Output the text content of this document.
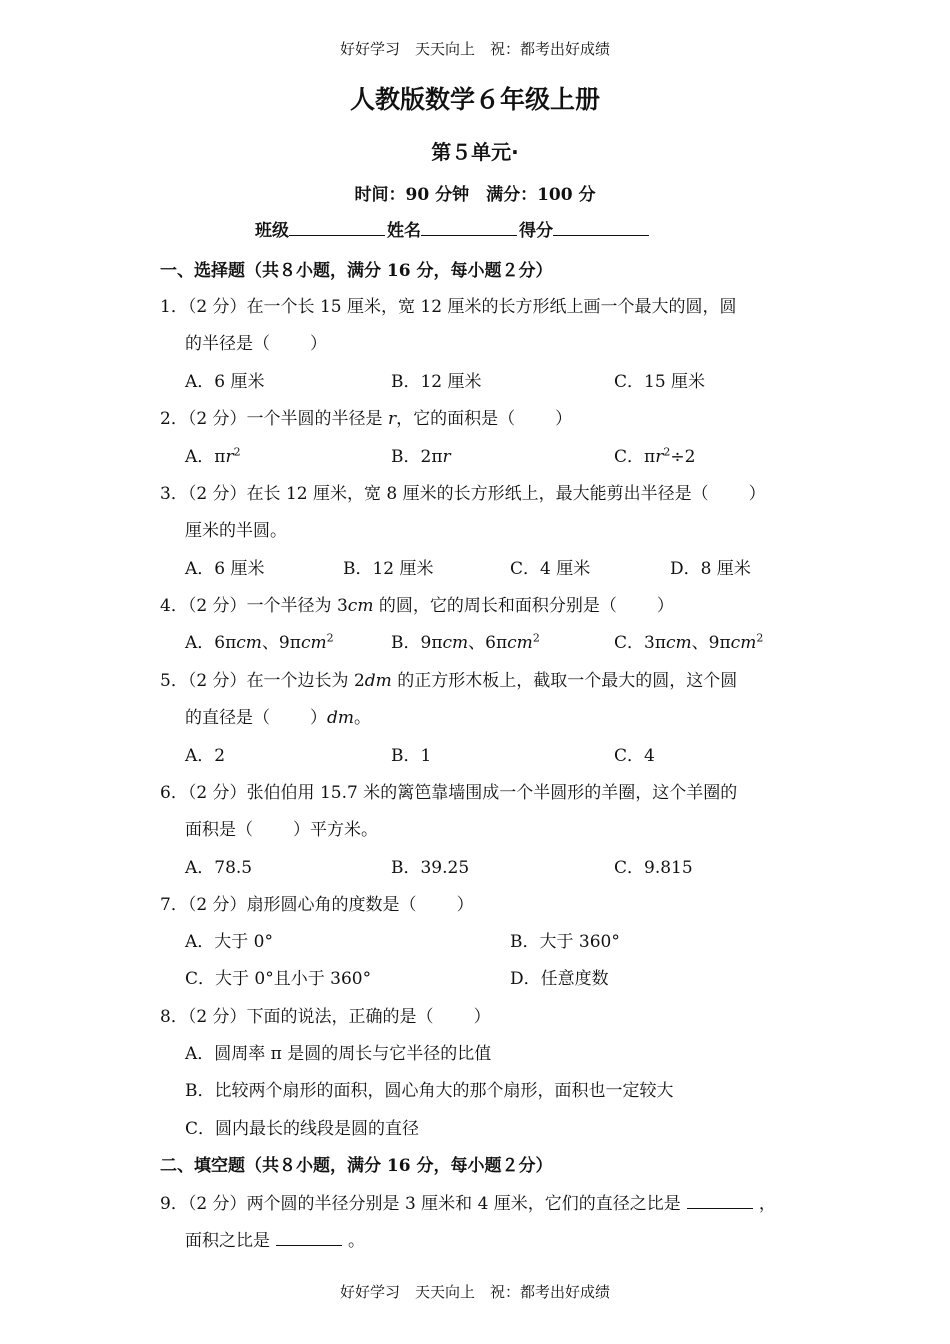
好好学习　天天向上　祝：都考出好成绩
人教版数学６年级上册
第５单元·
时间：90 分钟　满分：100 分
班级	姓名	得分
一、选择题（共８小题，满分 16 分，每小题２分）
1．（2 分）在一个长 15 厘米，宽 12 厘米的长方形纸上画一个最大的圆，圆
的半径是（ ）
A．6 厘米	B．12 厘米	C．15 厘米
2．（2 分）一个半圆的半径是 r，它的面积是（ ）
A．$\pi r^2$	B．2πr	C．$\pi r^2\div 2$
3．（2 分）在长 12 厘米，宽 8 厘米的长方形纸上，最大能剪出半径是（ ）
厘米的半圆。
A．6 厘米	B．12 厘米	C．4 厘米	D．8 厘米
4．（2 分）一个半径为 3cm 的圆，它的周长和面积分别是（ ）
A．6πcm、9πcm$^2$	B．9πcm、6πcm$^2$	C．3πcm、9πcm$^2$
5．（2 分）在一个边长为 2dm 的正方形木板上，截取一个最大的圆，这个圆
的直径是（ ）dm。
A．2	B．1	C．4
6．（2 分）张伯伯用 15.7 米的篱笆靠墙围成一个半圆形的羊圈，这个羊圈的
面积是（ ）平方米。
A．78.5	B．39.25	C．9.815
7．（2 分）扇形圆心角的度数是（ ）
A．大于 0°	B．大于 360°
C．大于 0°且小于 360°	D．任意度数
8．（2 分）下面的说法，正确的是（ ）
A．圆周率 π 是圆的周长与它半径的比值
B．比较两个扇形的面积，圆心角大的那个扇形，面积也一定较大
C．圆内最长的线段是圆的直径
二、填空题（共８小题，满分 16 分，每小题２分）
9．（2 分）两个圆的半径分别是 3 厘米和 4 厘米，它们的直径之比是	，
面积之比是	。
好好学习　天天向上　祝：都考出好成绩
